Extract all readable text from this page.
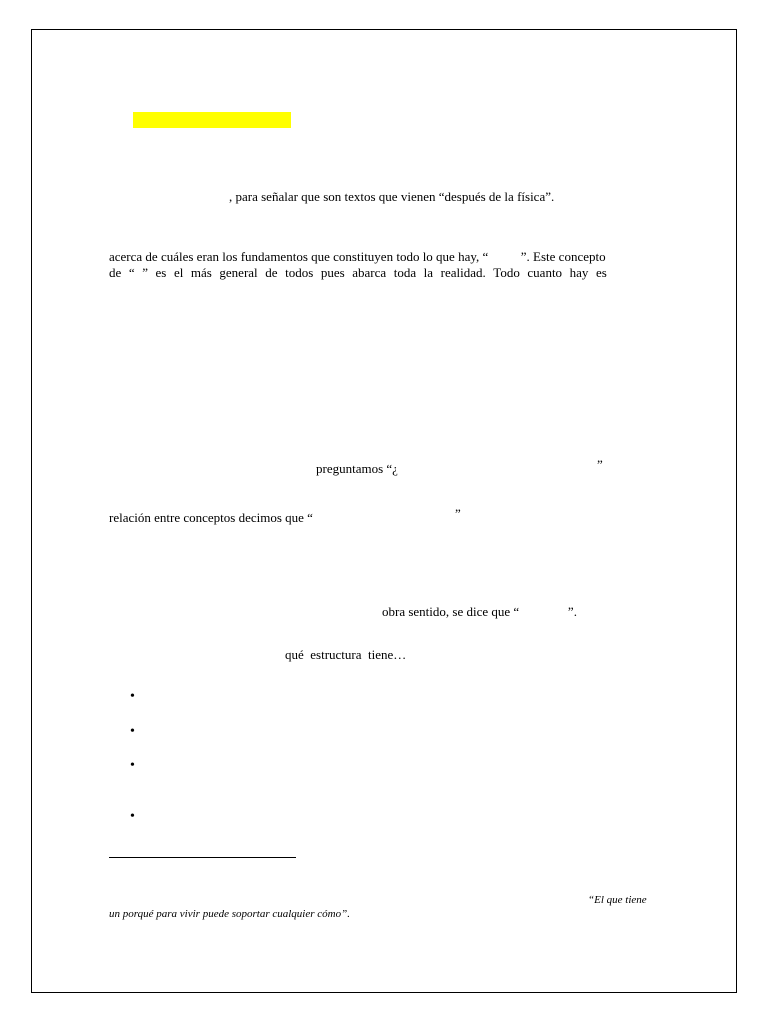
, para señalar que son textos que vienen “después de la física”.
acerca de cuáles eran los fundamentos que constituyen todo lo que hay, “          ”. Este concepto
de “ ” es el más general de todos pues abarca toda la realidad. Todo cuanto hay es
preguntamos “¿	”
relación entre conceptos decimos que “	”
obra sentido, se dice que “               ”.
qué  estructura  tiene…
•
•
•
•
“El que tiene
un porqué para vivir puede soportar cualquier cómo”.
